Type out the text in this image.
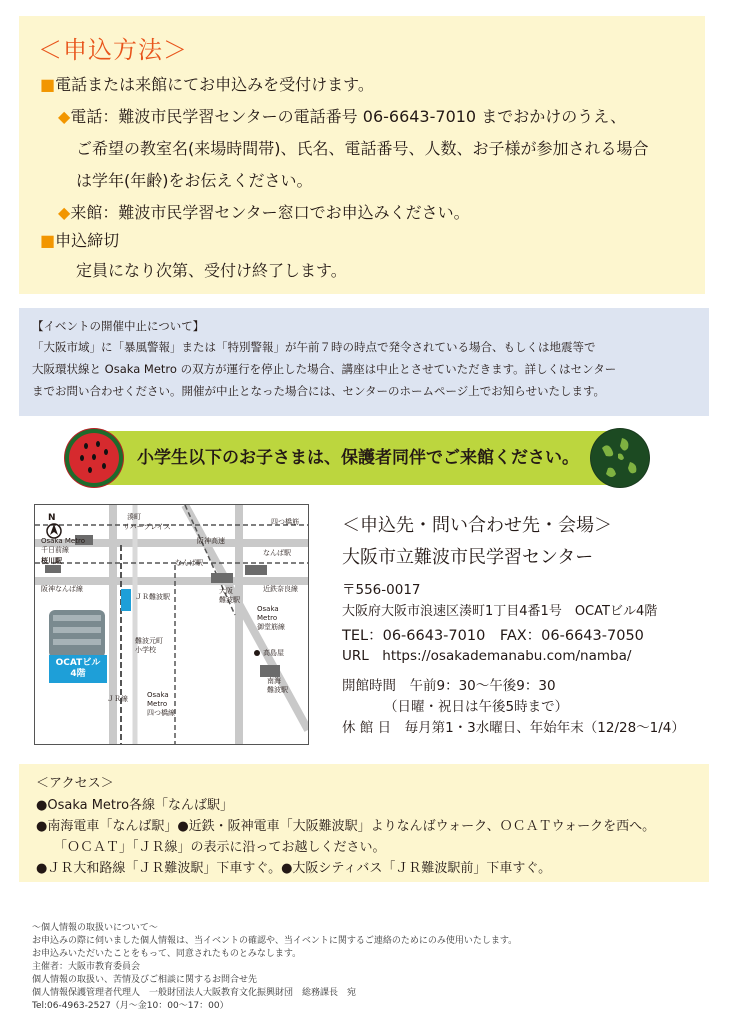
＜申込方法＞
■電話または来館にてお申込みを受付けます。
◆電話：難波市民学習センターの電話番号 06-6643-7010 までおかけのうえ、
ご希望の教室名(来場時間帯)、氏名、電話番号、人数、お子様が参加される場合
は学年(年齢)をお伝えください。
◆来館：難波市民学習センター窓口でお申込みください。
■申込締切
定員になり次第、受付け終了します。
【イベントの開催中止について】
「大阪市域」に「暴風警報」または「特別警報」が午前７時の時点で発令されている場合、もしくは地震等で
大阪環状線と Osaka Metro の双方が運行を停止した場合、講座は中止とさせていただきます。詳しくはセンター
までお問い合わせください。開催が中止となった場合には、センターのホームページ上でお知らせいたします。
小学生以下のお子さまは、保護者同伴でご来館ください。
N	湊町
リバープレイス
Osaka Metro
千日前線
阪神高速
四つ橋筋
桜川駅
なんば駅
近鉄奈良線
阪神なんば線
ＪＲ難波駅
大阪
難波駅
Osaka
Metro
御堂筋線
難波元町
小学校	高島屋
南海
難波駅
ＪＲ線	Osaka
Metro
四つ橋線
なんば駅
OCATビル
4階
＜申込先・問い合わせ先・会場＞
大阪市立難波市民学習センター
〒556-0017
大阪府大阪市浪速区湊町1丁目4番1号　OCATビル4階
TEL：06-6643-7010　FAX：06-6643-7050
URL　https://osakademanabu.com/namba/
開館時間　午前9：30〜午後9：30
（日曜・祝日は午後5時まで）
休 館 日　毎月第1・3水曜日、年始年末（12/28〜1/4）
＜アクセス＞
●Osaka Metro各線「なんば駅」
●南海電車「なんば駅」●近鉄・阪神電車「大阪難波駅」よりなんばウォーク、ＯＣＡＴウォークを西へ。
「ＯＣＡＴ」「ＪＲ線」の表示に沿ってお越しください。
●ＪＲ大和路線「ＪＲ難波駅」下車すぐ。●大阪シティバス「ＪＲ難波駅前」下車すぐ。
〜個人情報の取扱いについて〜
お申込みの際に伺いました個人情報は、当イベントの確認や、当イベントに関するご連絡のためにのみ使用いたします。
お申込みいただいたことをもって、同意されたものとみなします。
主催者：大阪市教育委員会
個人情報の取扱い、苦情及びご相談に関するお問合せ先
個人情報保護管理者代理人　一般財団法人大阪教育文化振興財団　総務課長　宛
Tel:06-4963-2527（月〜金10：00〜17：00）
